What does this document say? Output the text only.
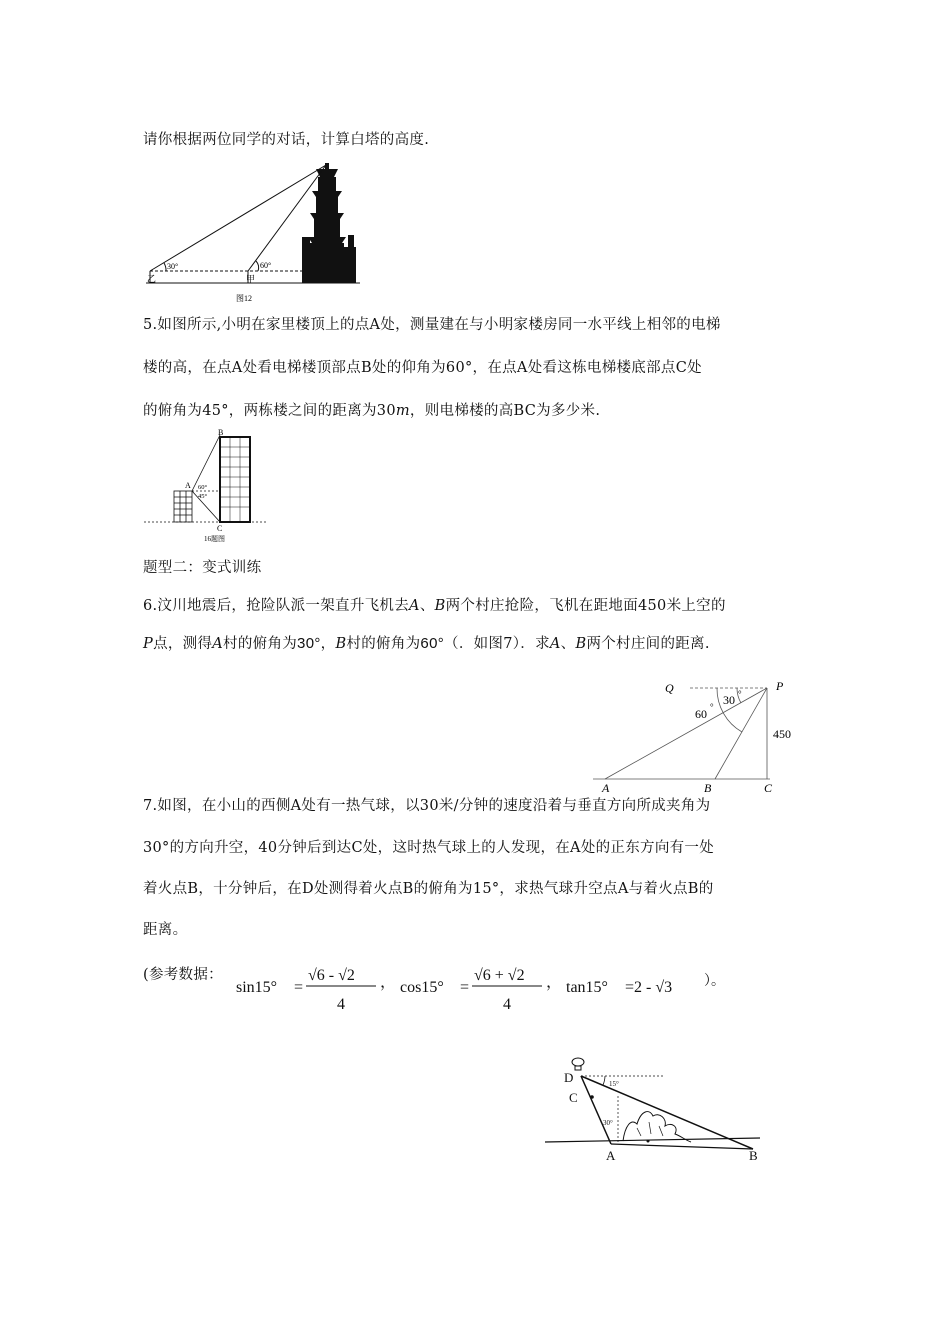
请你根据两位同学的对话，计算白塔的高度.
30°	60°
乙	甲
图12
5.如图所示,小明在家里楼顶上的点A处，测量建在与小明家楼房同一水平线上相邻的电梯
楼的高，在点A处看电梯楼顶部点B处的仰角为60°，在点A处看这栋电梯楼底部点C处
的俯角为45°，两栋楼之间的距离为30m，则电梯楼的高BC为多少米.
A
B
C
60°
45°
16题图
题型二：变式训练
6.汶川地震后，抢险队派一架直升飞机去A、B两个村庄抢险，飞机在距地面450米上空的
P点，测得A村的俯角为30°，B村的俯角为60°（．如图7）．求A、B两个村庄间的距离.
Q	P
30 °
60 °
450
A	B	C
7.如图，在小山的西侧A处有一热气球，以30米/分钟的速度沿着与垂直方向所成夹角为
30°的方向升空，40分钟后到达C处，这时热气球上的人发现，在A处的正东方向有一处
着火点B，十分钟后，在D处测得着火点B的俯角为15°，求热气球升空点A与着火点B的
距离。
(参考数据：
sin15° =
√6 - √2
4
， cos15° =
√6 + √2
4
， tan15° =2 - √3 ）。
D
C
A	B
15°
30°
